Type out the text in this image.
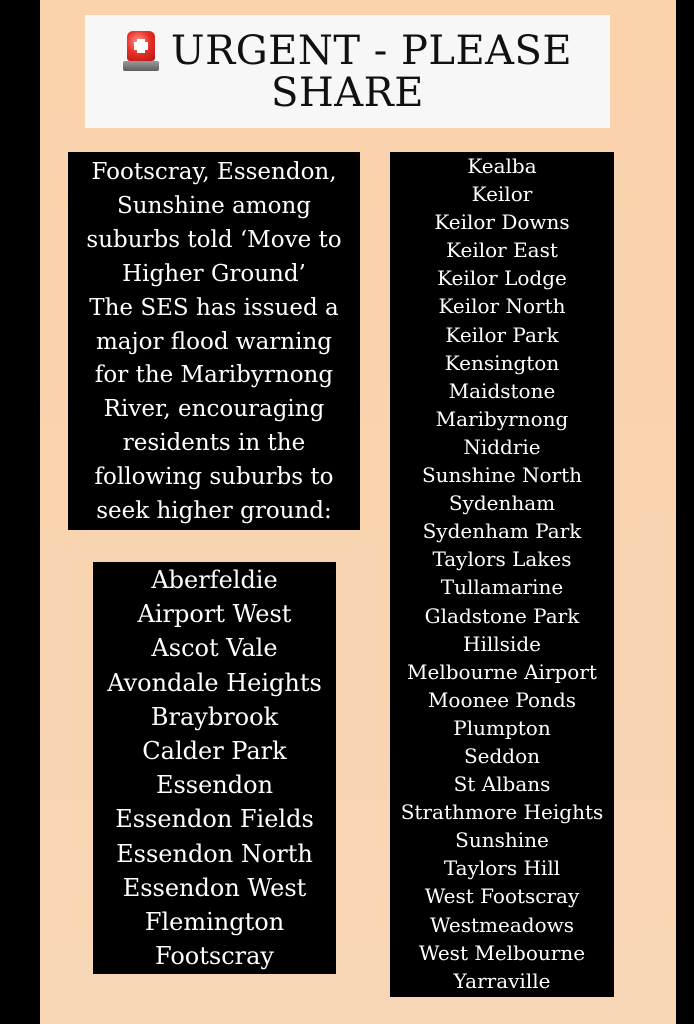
URGENT - PLEASE
SHARE
Footscray, Essendon,
Sunshine among
suburbs told ‘Move to
Higher Ground’
The SES has issued a
major flood warning
for the Maribyrnong
River, encouraging
residents in the
following suburbs to
seek higher ground:
Aberfeldie
Airport West
Ascot Vale
Avondale Heights
Braybrook
Calder Park
Essendon
Essendon Fields
Essendon North
Essendon West
Flemington
Footscray
Kealba
Keilor
Keilor Downs
Keilor East
Keilor Lodge
Keilor North
Keilor Park
Kensington
Maidstone
Maribyrnong
Niddrie
Sunshine North
Sydenham
Sydenham Park
Taylors Lakes
Tullamarine
Gladstone Park
Hillside
Melbourne Airport
Moonee Ponds
Plumpton
Seddon
St Albans
Strathmore Heights
Sunshine
Taylors Hill
West Footscray
Westmeadows
West Melbourne
Yarraville
